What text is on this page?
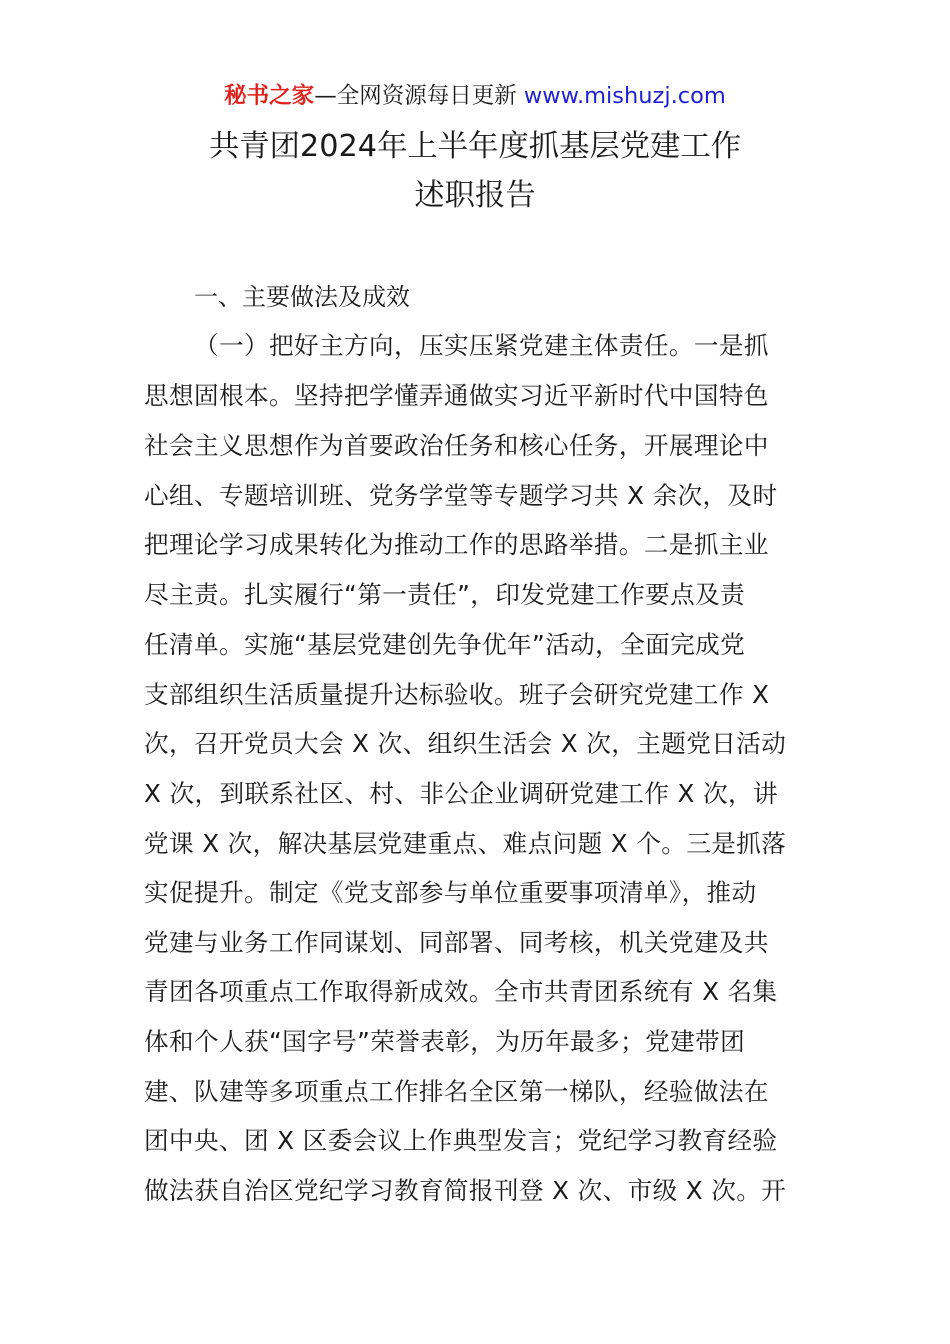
秘书之家—全网资源每日更新 www.mishuzj.com
共青团2024年上半年度抓基层党建工作
述职报告
一、主要做法及成效
（一）把好主方向，压实压紧党建主体责任。一是抓
思想固根本。坚持把学懂弄通做实习近平新时代中国特色
社会主义思想作为首要政治任务和核心任务，开展理论中
心组、专题培训班、党务学堂等专题学习共 X 余次，及时
把理论学习成果转化为推动工作的思路举措。二是抓主业
尽主责。扎实履行“第一责任”，印发党建工作要点及责
任清单。实施“基层党建创先争优年”活动，全面完成党
支部组织生活质量提升达标验收。班子会研究党建工作 X
次，召开党员大会 X 次、组织生活会 X 次，主题党日活动
X 次，到联系社区、村、非公企业调研党建工作 X 次，讲
党课 X 次，解决基层党建重点、难点问题 X 个。三是抓落
实促提升。制定《党支部参与单位重要事项清单》，推动
党建与业务工作同谋划、同部署、同考核，机关党建及共
青团各项重点工作取得新成效。全市共青团系统有 X 名集
体和个人获“国字号”荣誉表彰，为历年最多；党建带团
建、队建等多项重点工作排名全区第一梯队，经验做法在
团中央、团 X 区委会议上作典型发言；党纪学习教育经验
做法获自治区党纪学习教育简报刊登 X 次、市级 X 次。开
